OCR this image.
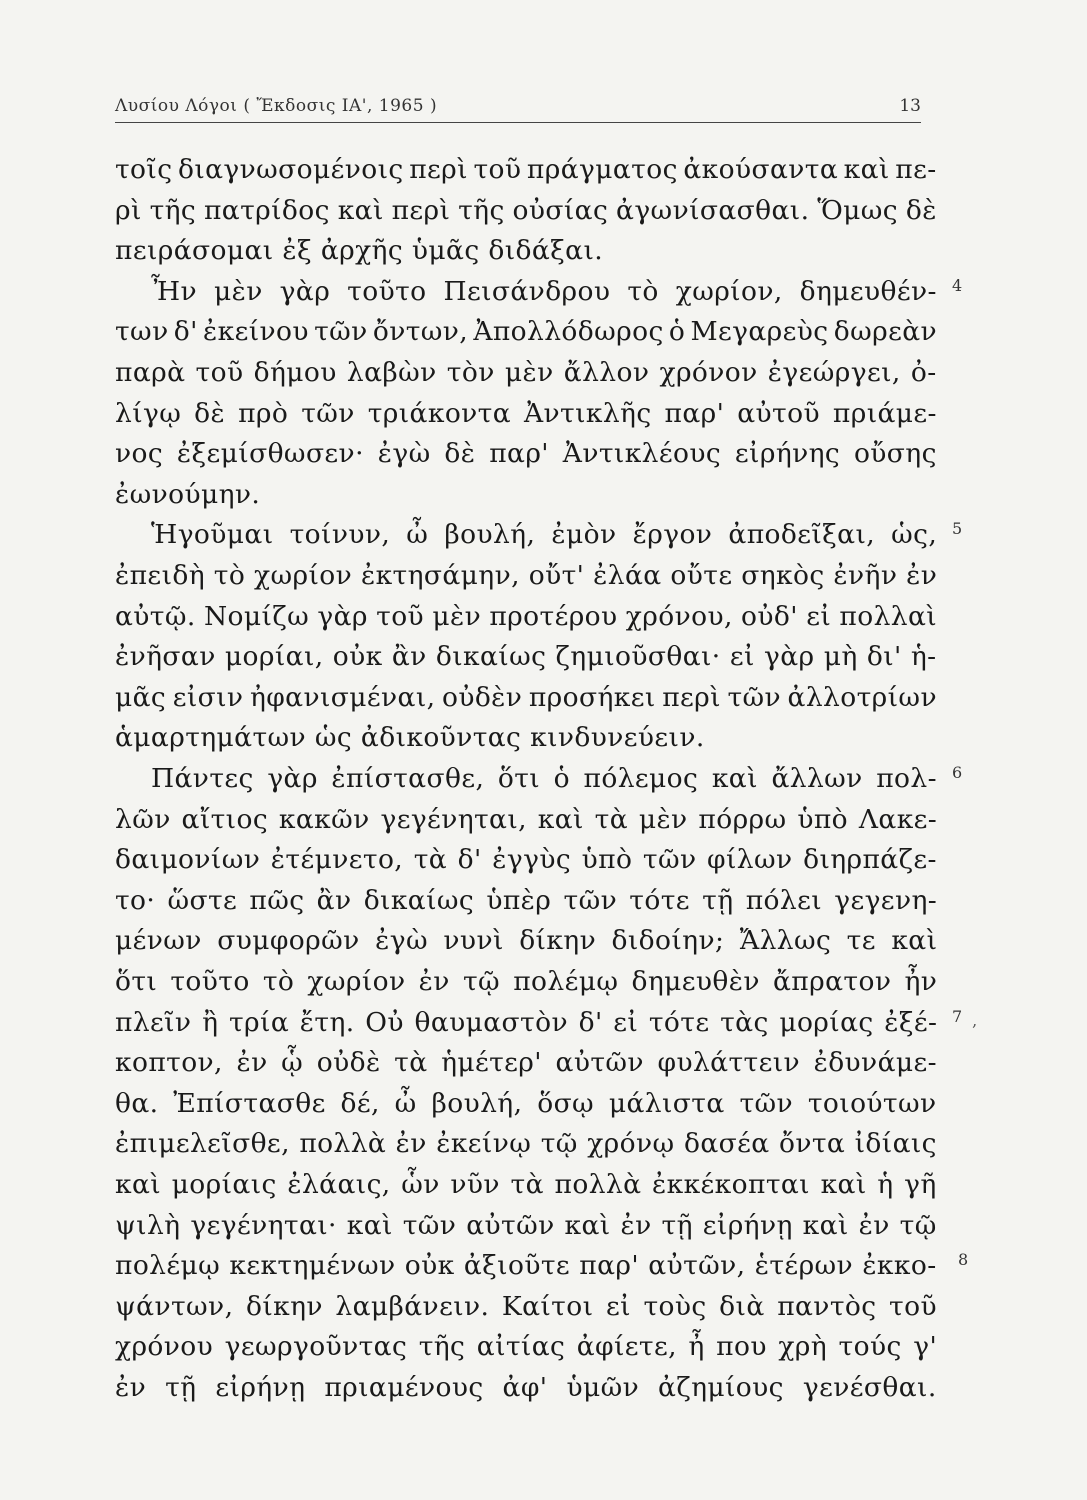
Λυσίου Λόγοι ( Ἔκδοσις ΙΑ', 1965 )	13
τοῖς διαγνωσομένοις περὶ τοῦ πράγματος ἀκούσαντα καὶ πε-
ρὶ τῆς πατρίδος καὶ περὶ τῆς οὐσίας ἀγωνίσασθαι. Ὅμως δὲ
πειράσομαι ἐξ ἀρχῆς ὑμᾶς διδάξαι.
Ἦν μὲν γὰρ τοῦτο Πεισάνδρου τὸ χωρίον, δημευθέν-
των δ' ἐκείνου τῶν ὄντων, Ἀπολλόδωρος ὁ Μεγαρεὺς δωρεὰν
παρὰ τοῦ δήμου λαβὼν τὸν μὲν ἄλλον χρόνον ἐγεώργει, ὀ-
λίγῳ δὲ πρὸ τῶν τριάκοντα Ἀντικλῆς παρ' αὐτοῦ πριάμε-
νος ἐξεμίσθωσεν· ἐγὼ δὲ παρ' Ἀντικλέους εἰρήνης οὔσης
ἐωνούμην.
Ἡγοῦμαι τοίνυν, ὦ βουλή, ἐμὸν ἔργον ἀποδεῖξαι, ὡς,
ἐπειδὴ τὸ χωρίον ἐκτησάμην, οὔτ' ἐλάα οὔτε σηκὸς ἐνῆν ἐν
αὐτῷ. Νομίζω γὰρ τοῦ μὲν προτέρου χρόνου, οὐδ' εἰ πολλαὶ
ἐνῆσαν μορίαι, οὐκ ἂν δικαίως ζημιοῦσθαι· εἰ γὰρ μὴ δι' ἡ-
μᾶς εἰσιν ἠφανισμέναι, οὐδὲν προσήκει περὶ τῶν ἀλλοτρίων
ἁμαρτημάτων ὡς ἀδικοῦντας κινδυνεύειν.
Πάντες γὰρ ἐπίστασθε, ὅτι ὁ πόλεμος καὶ ἄλλων πολ-
λῶν αἴτιος κακῶν γεγένηται, καὶ τὰ μὲν πόρρω ὑπὸ Λακε-
δαιμονίων ἐτέμνετο, τὰ δ' ἐγγὺς ὑπὸ τῶν φίλων διηρπάζε-
το· ὥστε πῶς ἂν δικαίως ὑπὲρ τῶν τότε τῇ πόλει γεγενη-
μένων συμφορῶν ἐγὼ νυνὶ δίκην διδοίην; Ἄλλως τε καὶ
ὅτι τοῦτο τὸ χωρίον ἐν τῷ πολέμῳ δημευθὲν ἄπρατον ἦν
πλεῖν ἢ τρία ἔτη. Οὐ θαυμαστὸν δ' εἰ τότε τὰς μορίας ἐξέ-
κοπτον, ἐν ᾧ οὐδὲ τὰ ἡμέτερ' αὐτῶν φυλάττειν ἐδυνάμε-
θα. Ἐπίστασθε δέ, ὦ βουλή, ὅσῳ μάλιστα τῶν τοιούτων
ἐπιμελεῖσθε, πολλὰ ἐν ἐκείνῳ τῷ χρόνῳ δασέα ὄντα ἰδίαις
καὶ μορίαις ἐλάαις, ὧν νῦν τὰ πολλὰ ἐκκέκοπται καὶ ἡ γῆ
ψιλὴ γεγένηται· καὶ τῶν αὐτῶν καὶ ἐν τῇ εἰρήνῃ καὶ ἐν τῷ
πολέμῳ κεκτημένων οὐκ ἀξιοῦτε παρ' αὐτῶν, ἑτέρων ἐκκο-
ψάντων, δίκην λαμβάνειν. Καίτοι εἰ τοὺς διὰ παντὸς τοῦ
χρόνου γεωργοῦντας τῆς αἰτίας ἀφίετε, ἦ που χρὴ τούς γ'
ἐν τῇ εἰρήνῃ πριαμένους ἀφ' ὑμῶν ἀζημίους γενέσθαι.
4
5
6
7 ‚
8
